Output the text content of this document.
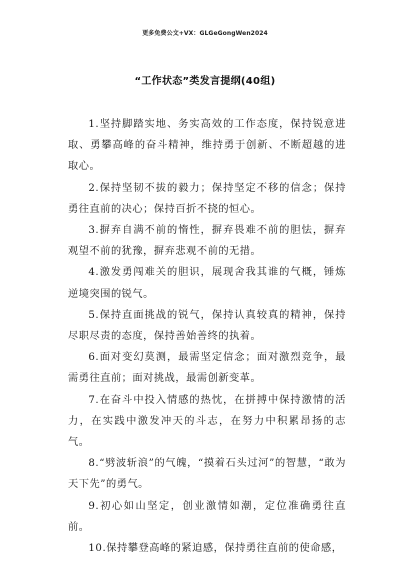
更多免费公文+VX：GLGeGongWen2024
“工作状态”类发言提纲(40组)

1.坚持脚踏实地、务实高效的工作态度，保持锐意进取、勇攀高峰的奋斗精神，维持勇于创新、不断超越的进取心。

2.保持坚韧不拔的毅力；保持坚定不移的信念；保持勇往直前的决心；保持百折不挠的恒心。

3.摒弃自满不前的惰性，摒弃畏难不前的胆怯，摒弃观望不前的犹豫，摒弃悲观不前的无措。

4.激发勇闯难关的胆识，展现舍我其谁的气概，锤炼逆境突围的锐气。

5.保持直面挑战的锐气，保持认真较真的精神，保持尽职尽责的态度，保持善始善终的执着。

6.面对变幻莫测，最需坚定信念；面对激烈竞争，最需勇往直前；面对挑战，最需创新变革。

7.在奋斗中投入情感的热忱，在拼搏中保持激情的活力，在实践中激发冲天的斗志，在努力中积累昂扬的志气。

8.“劈波斩浪”的气魄，“摸着石头过河”的智慧，“敢为天下先”的勇气。

9.初心如山坚定，创业激情如潮，定位准确勇往直前。

10.保持攀登高峰的紧迫感，保持勇往直前的使命感，
